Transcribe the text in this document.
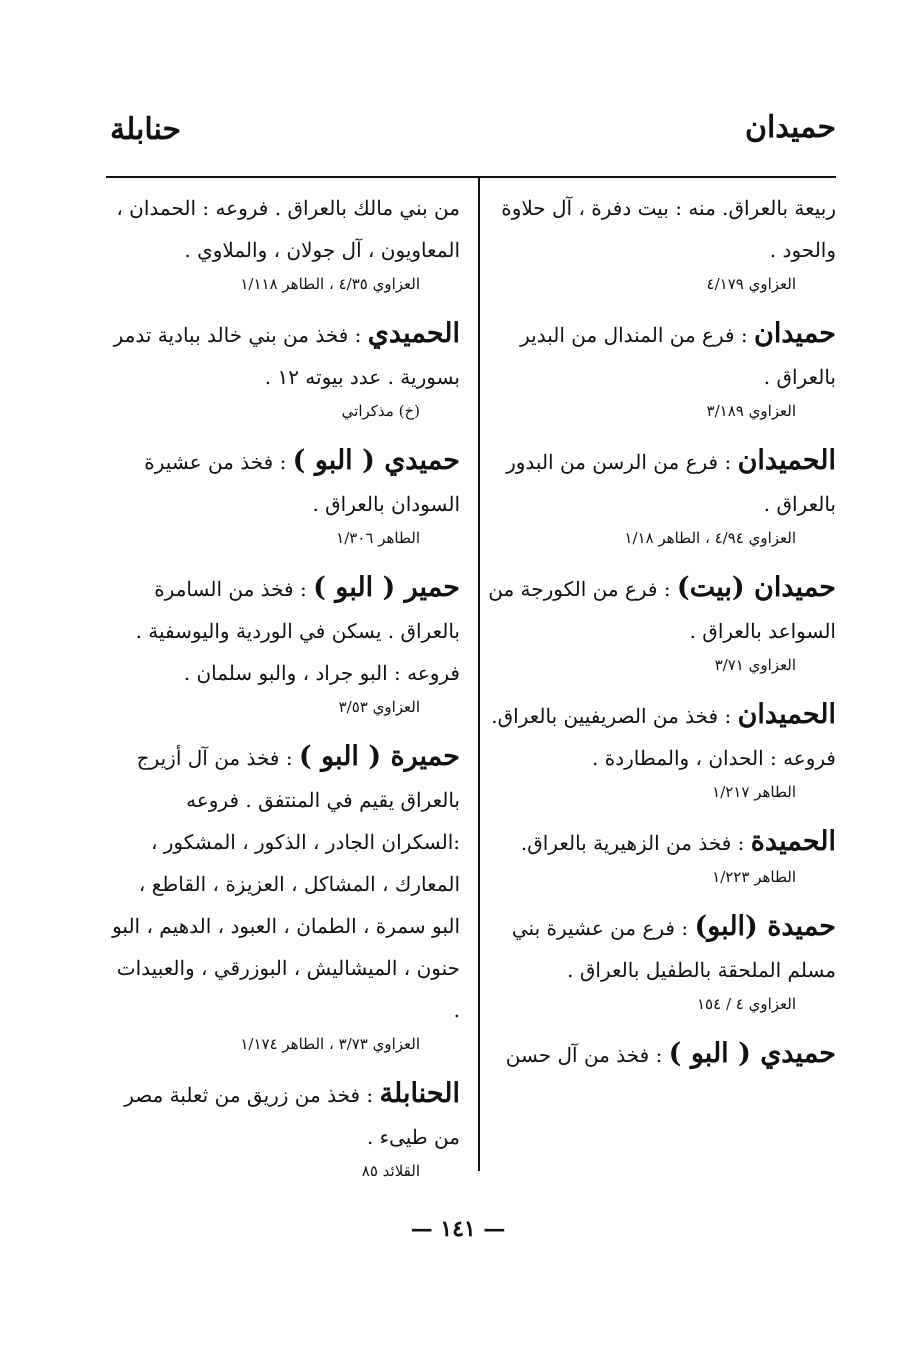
حميدان
حنابلة

ربيعة بالعراق. منه : بيت دفرة ، آل حلاوة والحود .

العزاوي ٤/١٧٩

حميدان : فرع من المندال من البدير بالعراق .

العزاوي ٣/١٨٩

الحميدان : فرع من الرسن من البدور بالعراق .

العزاوي ٤/٩٤ ، الطاهر ١/١٨

حميدان (بيت) : فرع من الكورجة من السواعد بالعراق .

العزاوي ٣/٧١

الحميدان : فخذ من الصريفيين بالعراق. فروعه : الحدان ، والمطاردة .

الطاهر ١/٢١٧

الحميدة : فخذ من الزهيرية بالعراق.

الطاهر ١/٢٢٣

حميدة (البو) : فرع من عشيرة بني مسلم الملحقة بالطفيل بالعراق .

العزاوي ٤ / ١٥٤

حميدي ( البو ) : فخذ من آل حسن

من بني مالك بالعراق . فروعه : الحمدان ، المعاويون ، آل جولان ، والملاوي .

العزاوي ٤/٣٥ ، الطاهر ١/١١٨

الحميدي : فخذ من بني خالد ببادية تدمر بسورية . عدد بيوته ١٢ .

(خ) مذكراتي

حميدي ( البو ) : فخذ من عشيرة السودان بالعراق .

الطاهر ١/٣٠٦

حمير ( البو ) : فخذ من السامرة بالعراق . يسكن في الوردية واليوسفية . فروعه : البو جراد ، والبو سلمان .

العزاوي ٣/٥٣

حميرة ( البو ) : فخذ من آل أزيرج بالعراق يقيم في المنتفق . فروعه :السكران الجادر ، الذكور ، المشكور ، المعارك ، المشاكل ، العزيزة ، القاطع ، البو سمرة ، الطمان ، العبود ، الدهيم ، البو حنون ، الميشاليش ، البوزرقي ، والعبيدات .

العزاوي ٣/٧٣ ، الطاهر ١/١٧٤

الحنابلة : فخذ من زريق من ثعلبة مصر من طيىء .

القلائد ٨٥

— ١٤١ —
